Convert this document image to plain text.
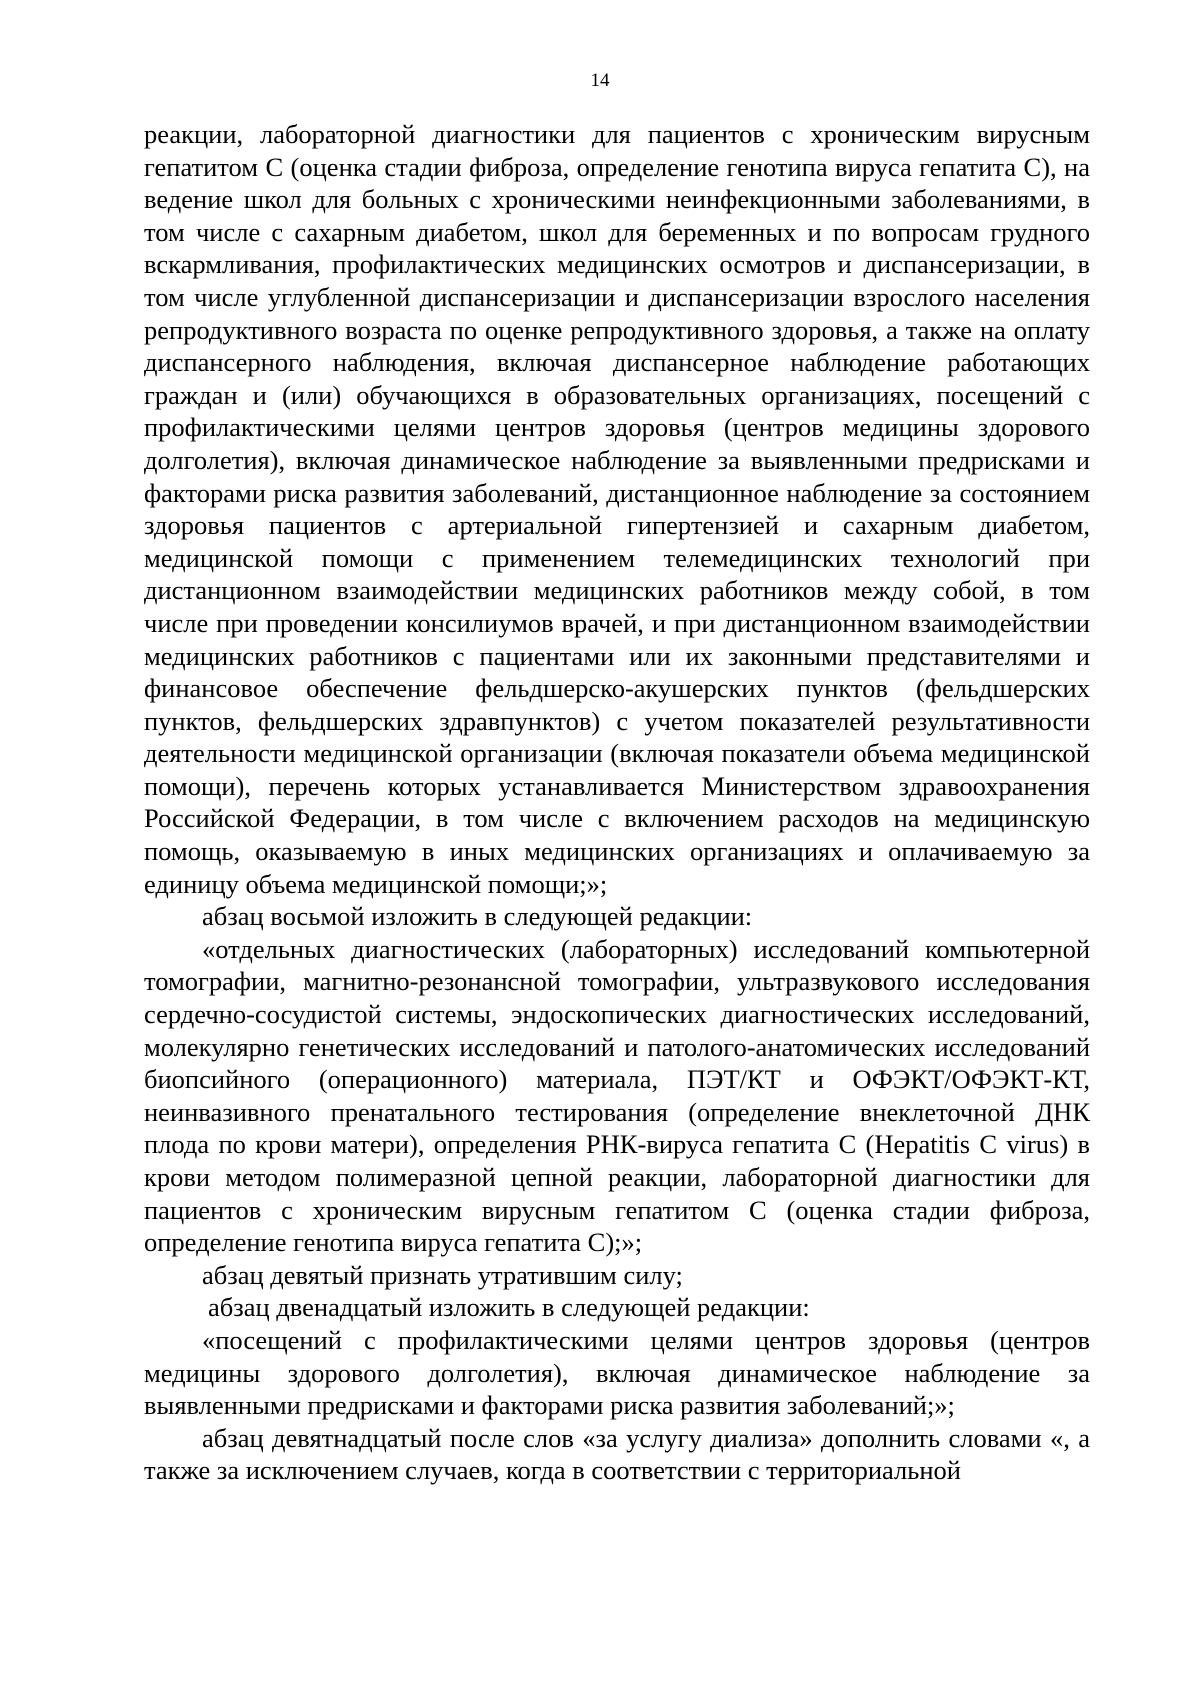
14

реакции, лабораторной диагностики для пациентов с хроническим вирусным гепатитом С (оценка стадии фиброза, определение генотипа вируса гепатита С), на ведение школ для больных с хроническими неинфекционными заболеваниями, в том числе с сахарным диабетом, школ для беременных и по вопросам грудного вскармливания, профилактических медицинских осмотров и диспансеризации, в том числе углубленной диспансеризации и диспансеризации взрослого населения репродуктивного возраста по оценке репродуктивного здоровья, а также на оплату диспансерного наблюдения, включая диспансерное наблюдение работающих граждан и (или) обучающихся в образовательных организациях, посещений с профилактическими целями центров здоровья (центров медицины здорового долголетия), включая динамическое наблюдение за выявленными предрисками и факторами риска развития заболеваний, дистанционное наблюдение за состоянием здоровья пациентов с артериальной гипертензией и сахарным диабетом, медицинской помощи с применением телемедицинских технологий при дистанционном взаимодействии медицинских работников между собой, в том числе при проведении консилиумов врачей, и при дистанционном взаимодействии медицинских работников с пациентами или их законными представителями и финансовое обеспечение фельдшерско-акушерских пунктов (фельдшерских пунктов, фельдшерских здравпунктов) с учетом показателей результативности деятельности медицинской организации (включая показатели объема медицинской помощи), перечень которых устанавливается Министерством здравоохранения Российской Федерации, в том числе с включением расходов на медицинскую помощь, оказываемую в иных медицинских организациях и оплачиваемую за единицу объема медицинской помощи;»;

абзац восьмой изложить в следующей редакции:

«отдельных диагностических (лабораторных) исследований компьютерной томографии, магнитно-резонансной томографии, ультразвукового исследования сердечно-сосудистой системы, эндоскопических диагностических исследований, молекулярно генетических исследований и патолого-анатомических исследований биопсийного (операционного) материала, ПЭТ/КТ и ОФЭКТ/ОФЭКТ-КТ, неинвазивного пренатального тестирования (определение внеклеточной ДНК плода по крови матери), определения РНК-вируса гепатита С (Hepatitis C virus) в крови методом полимеразной цепной реакции, лабораторной диагностики для пациентов с хроническим вирусным гепатитом С (оценка стадии фиброза, определение генотипа вируса гепатита С);»;

абзац девятый признать утратившим силу;

абзац двенадцатый изложить в следующей редакции:

«посещений с профилактическими целями центров здоровья (центров медицины здорового долголетия), включая динамическое наблюдение за выявленными предрисками и факторами риска развития заболеваний;»;

абзац девятнадцатый после слов «за услугу диализа» дополнить словами «, а также за исключением случаев, когда в соответствии с территориальной
